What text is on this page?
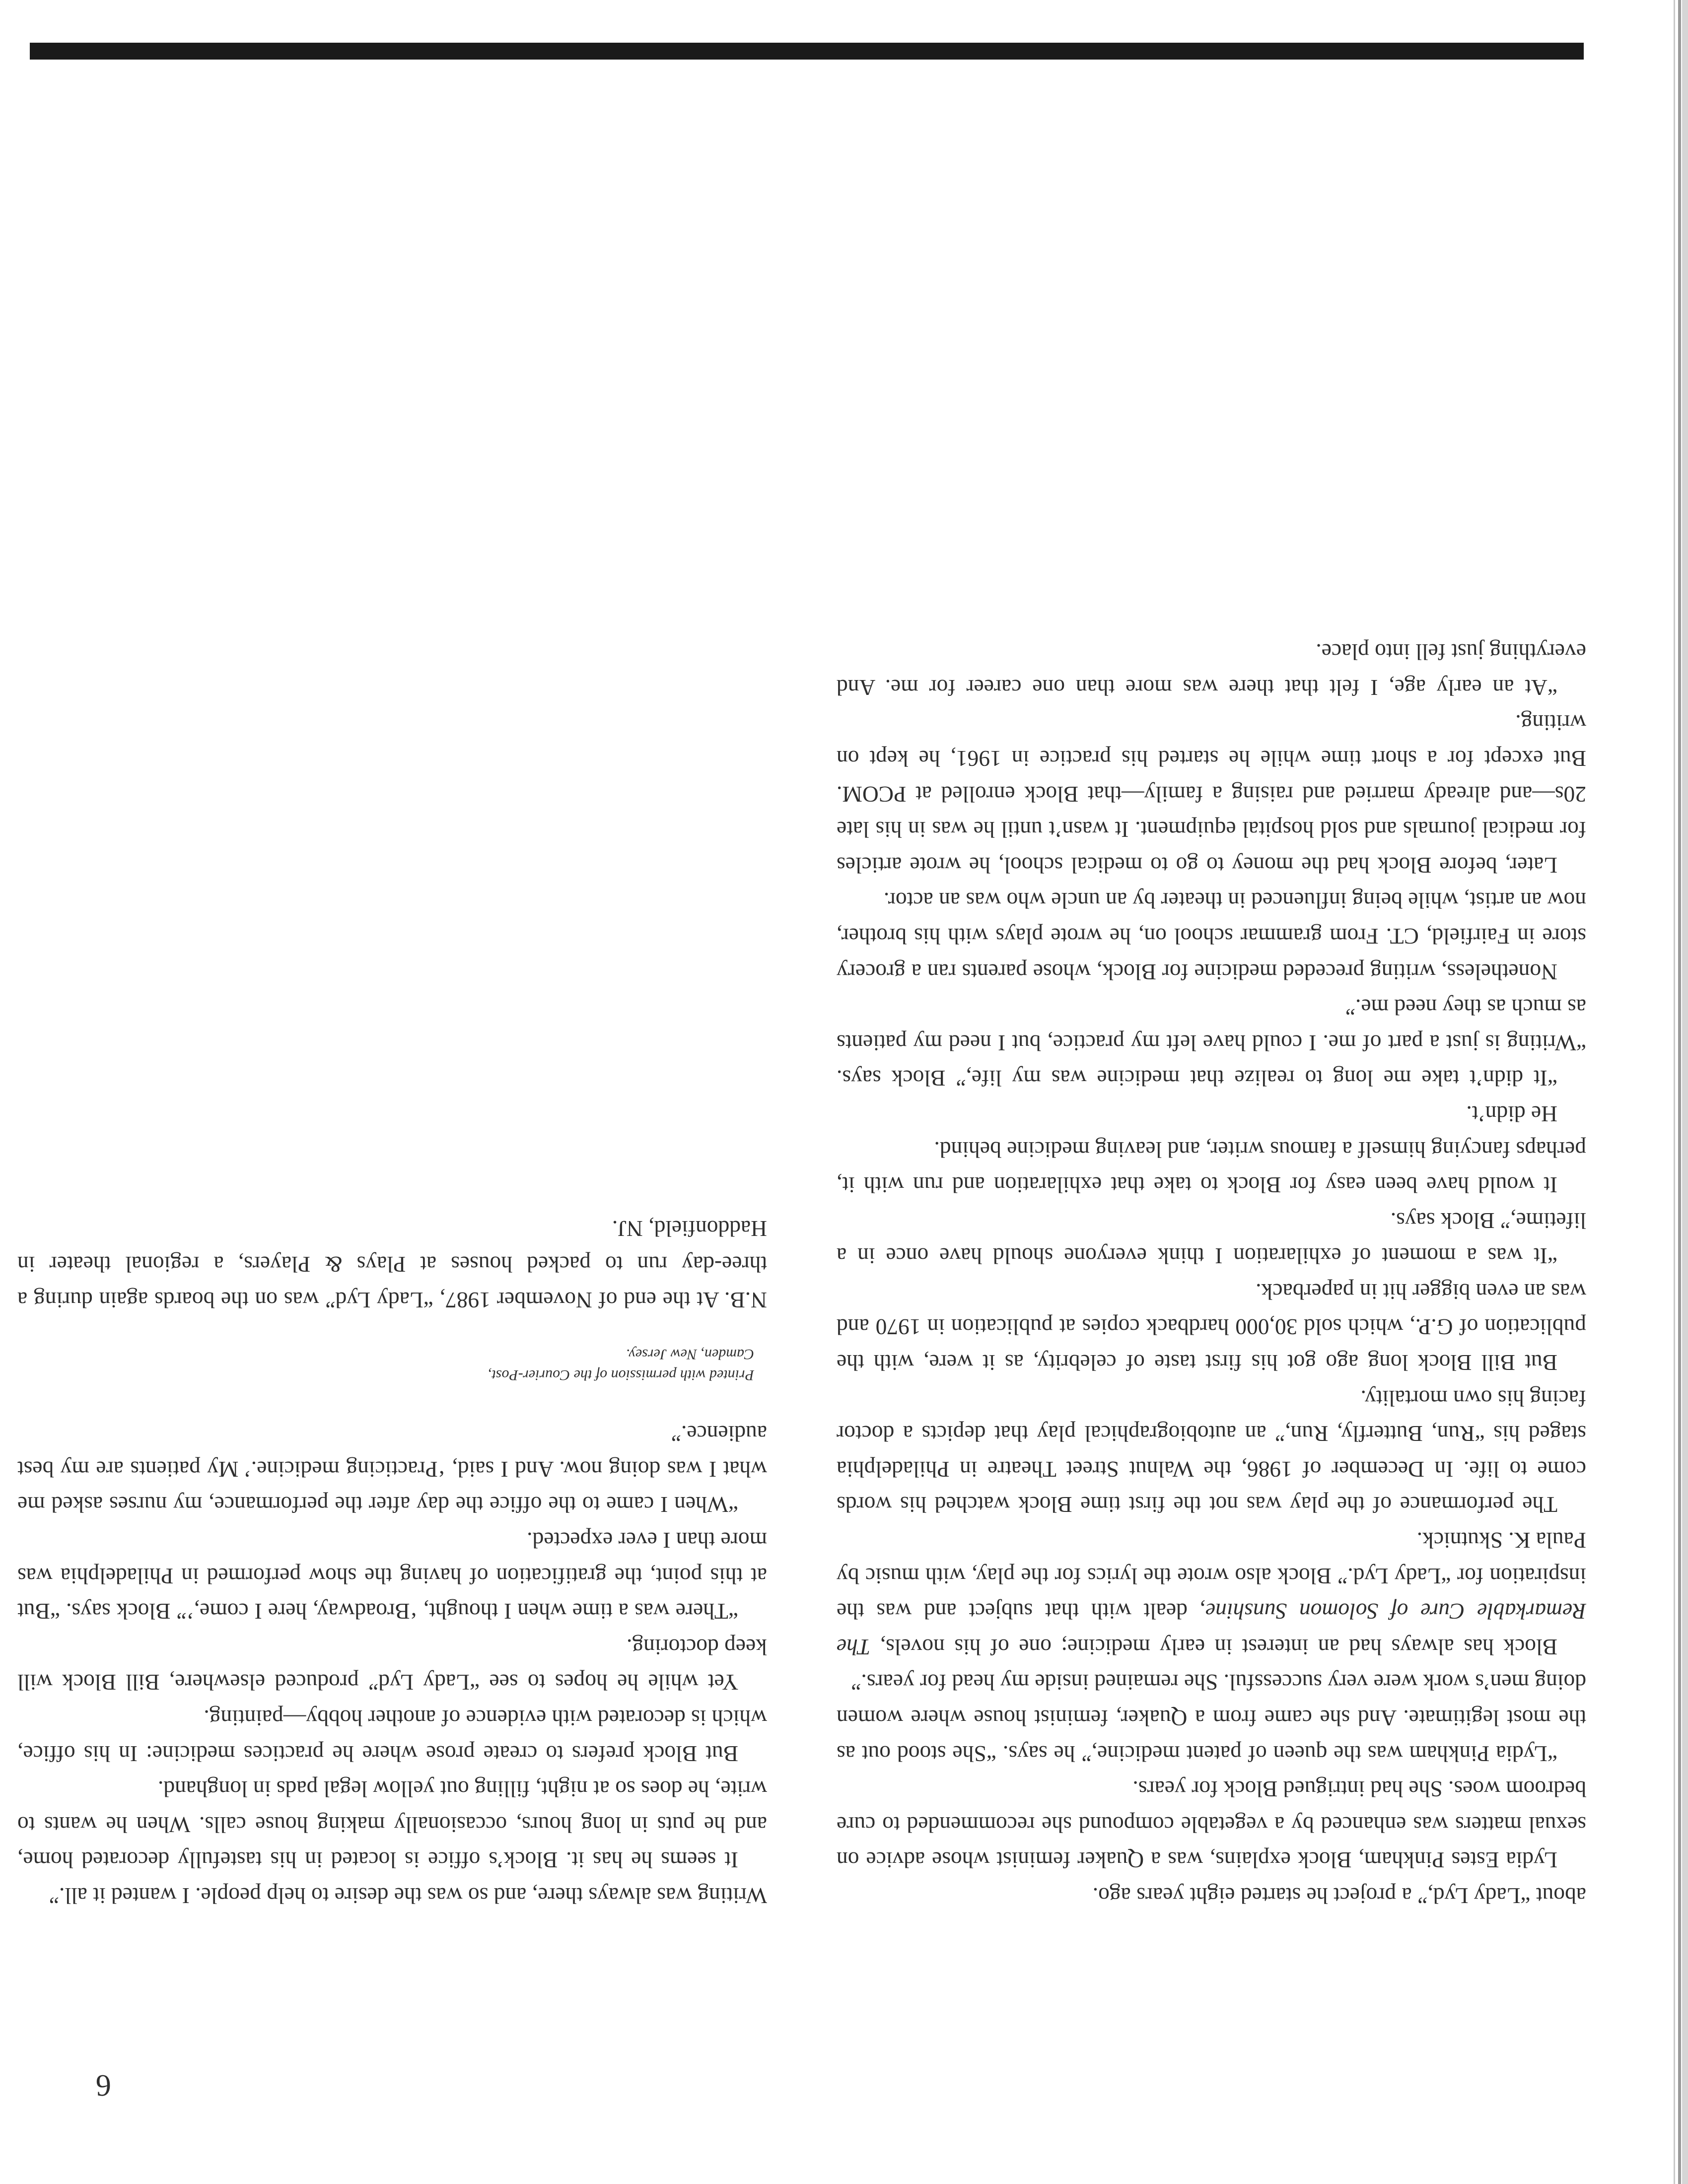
6

about “Lady Lyd,” a project he started eight years ago.

Lydia Estes Pinkham, Block explains, was a Quaker feminist whose advice on sexual matters was enhanced by a vegetable compound she recommended to cure bedroom woes. She had intrigued Block for years.

“Lydia Pinkham was the queen of patent medicine,” he says. “She stood out as the most legitimate. And she came from a Quaker, feminist house where women doing men’s work were very successful. She remained inside my head for years.”

Block has always had an interest in early medicine; one of his novels, The Remarkable Cure of Solomon Sunshine, dealt with that subject and was the inspiration for “Lady Lyd.” Block also wrote the lyrics for the play, with music by Paula K. Skutnick.

The performance of the play was not the first time Block watched his words come to life. In December of 1986, the Walnut Street Theatre in Philadelphia staged his “Run, Butterfly, Run,” an autobiographical play that depicts a doctor facing his own mortality.

But Bill Block long ago got his first taste of celebrity, as it were, with the publication of G.P., which sold 30,000 hardback copies at publication in 1970 and was an even bigger hit in paperback.

“It was a moment of exhilaration I think everyone should have once in a lifetime,” Block says.

It would have been easy for Block to take that exhilaration and run with it, perhaps fancying himself a famous writer, and leaving medicine behind.

He didn’t.

“It didn’t take me long to realize that medicine was my life,” Block says. “Writing is just a part of me. I could have left my practice, but I need my patients as much as they need me.”

Nonetheless, writing preceded medicine for Block, whose parents ran a grocery store in Fairfield, CT. From grammar school on, he wrote plays with his brother, now an artist, while being influenced in theater by an uncle who was an actor.

Later, before Block had the money to go to medical school, he wrote articles for medical journals and sold hospital equipment. It wasn’t until he was in his late 20s—and already married and raising a family—that Block enrolled at PCOM. But except for a short time while he started his practice in 1961, he kept on writing.

“At an early age, I felt that there was more than one career for me. And everything just fell into place.

Writing was always there, and so was the desire to help people. I wanted it all.”

It seems he has it. Block’s office is located in his tastefully decorated home, and he puts in long hours, occasionally making house calls. When he wants to write, he does so at night, filling out yellow legal pads in longhand.

But Block prefers to create prose where he practices medicine: In his office, which is decorated with evidence of another hobby—painting.

Yet while he hopes to see “Lady Lyd” produced elsewhere, Bill Block will keep doctoring.

“There was a time when I thought, ‘Broadway, here I come,’” Block says. “But at this point, the gratification of having the show performed in Philadelphia was more than I ever expected.

“When I came to the office the day after the performance, my nurses asked me what I was doing now. And I said, ‘Practicing medicine.’ My patients are my best audience.”

Printed with permission of the Courier-Post,
Camden, New Jersey.

N.B. At the end of November 1987, “Lady Lyd” was on the boards again during a three-day run to packed houses at Plays & Players, a regional theater in Haddonfield, NJ.
